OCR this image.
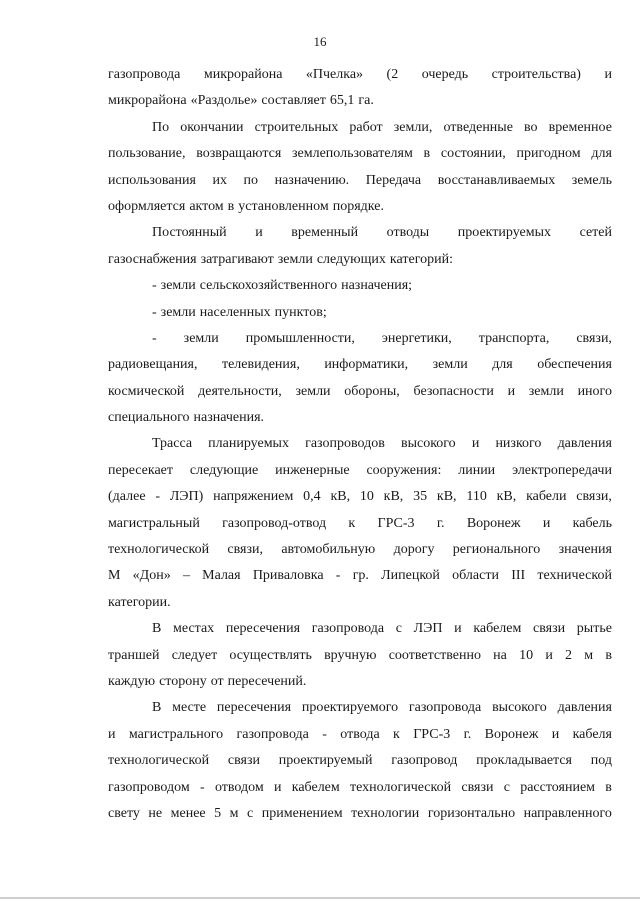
16
газопровода микрорайона «Пчелка» (2 очередь строительства) и
микрорайона «Раздолье» составляет 65,1 га.
По окончании строительных работ земли, отведенные во временное
пользование, возвращаются землепользователям в состоянии, пригодном для
использования их по назначению. Передача восстанавливаемых земель
оформляется актом в установленном порядке.
Постоянный и временный отводы проектируемых сетей
газоснабжения затрагивают земли следующих категорий:
- земли сельскохозяйственного назначения;
- земли населенных пунктов;
- земли промышленности, энергетики, транспорта, связи,
радиовещания, телевидения, информатики, земли для обеспечения
космической деятельности, земли обороны, безопасности и земли иного
специального назначения.
Трасса планируемых газопроводов высокого и низкого давления
пересекает следующие инженерные сооружения: линии электропередачи
(далее - ЛЭП) напряжением 0,4 кВ, 10 кВ, 35 кВ, 110 кВ, кабели связи,
магистральный газопровод-отвод к ГРС-3 г. Воронеж и кабель
технологической связи, автомобильную дорогу регионального значения
М «Дон» – Малая Приваловка - гр. Липецкой области III технической
категории.
В местах пересечения газопровода с ЛЭП и кабелем связи рытье
траншей следует осуществлять вручную соответственно на 10 и 2 м в
каждую сторону от пересечений.
В месте пересечения проектируемого газопровода высокого давления
и магистрального газопровода - отвода к ГРС-3 г. Воронеж и кабеля
технологической связи проектируемый газопровод прокладывается под
газопроводом - отводом и кабелем технологической связи с расстоянием в
свету не менее 5 м с применением технологии горизонтально направленного
